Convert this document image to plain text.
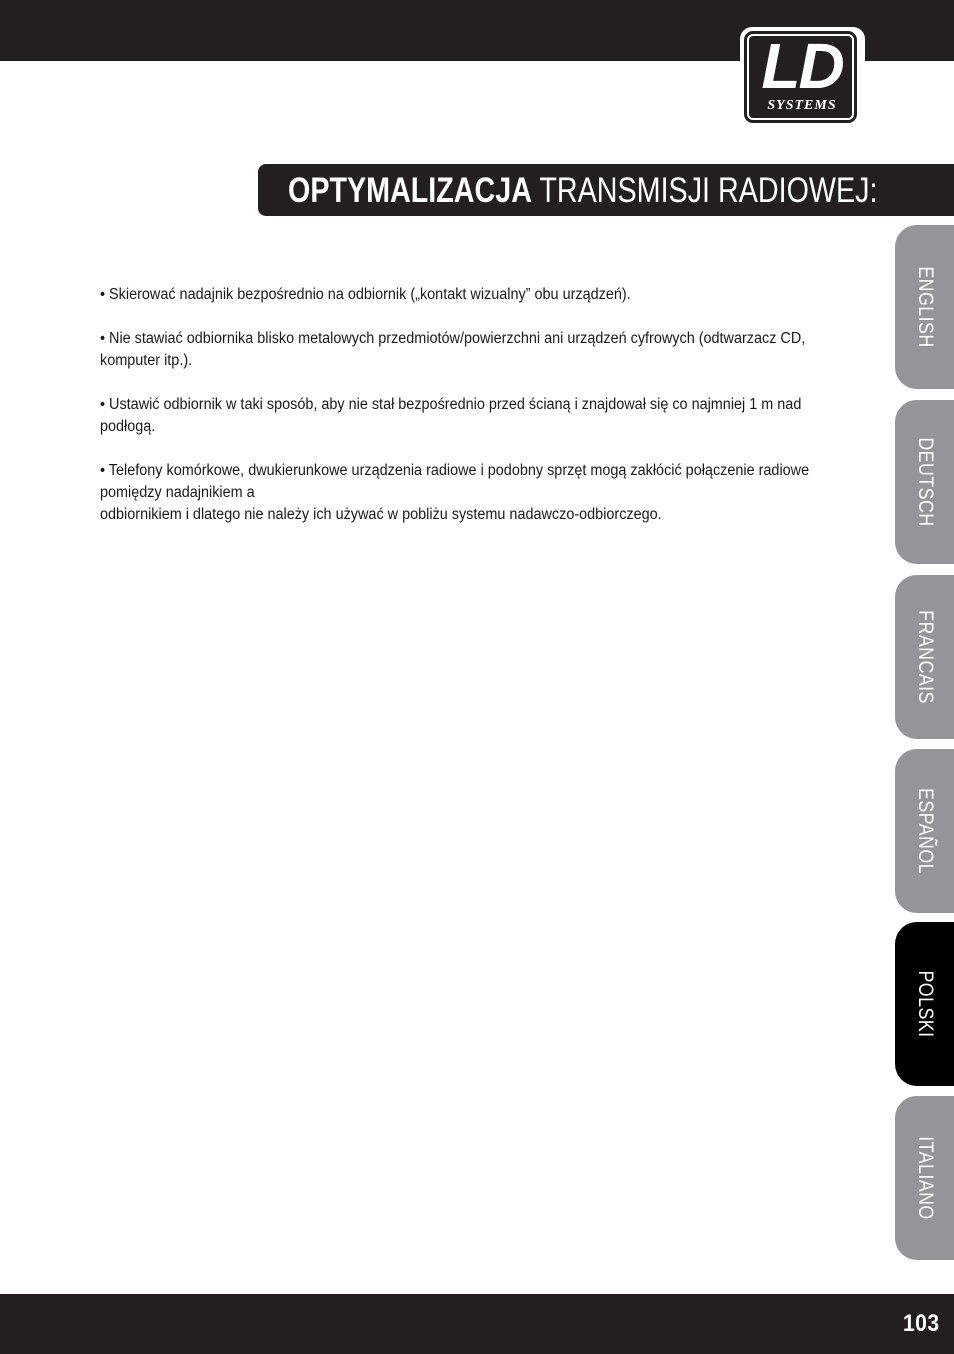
LD
SYSTEMS
OPTYMALIZACJA TRANSMISJI RADIOWEJ:

• Skierować nadajnik bezpośrednio na odbiornik („kontakt wizualny” obu urządzeń).

• Nie stawiać odbiornika blisko metalowych przedmiotów/powierzchni ani urządzeń cyfrowych (odtwarzacz CD, komputer itp.).

• Ustawić odbiornik w taki sposób, aby nie stał bezpośrednio przed ścianą i znajdował się co najmniej 1 m nad podłogą.

• Telefony komórkowe, dwukierunkowe urządzenia radiowe i podobny sprzęt mogą zakłócić połączenie radiowe pomiędzy nadajnikiem a

odbiornikiem i dlatego nie należy ich używać w pobliżu systemu nadawczo-odbiorczego.

ENGLISH
DEUTSCH
FRANCAIS
ESPAÑOL
POLSKI
ITALIANO
103
